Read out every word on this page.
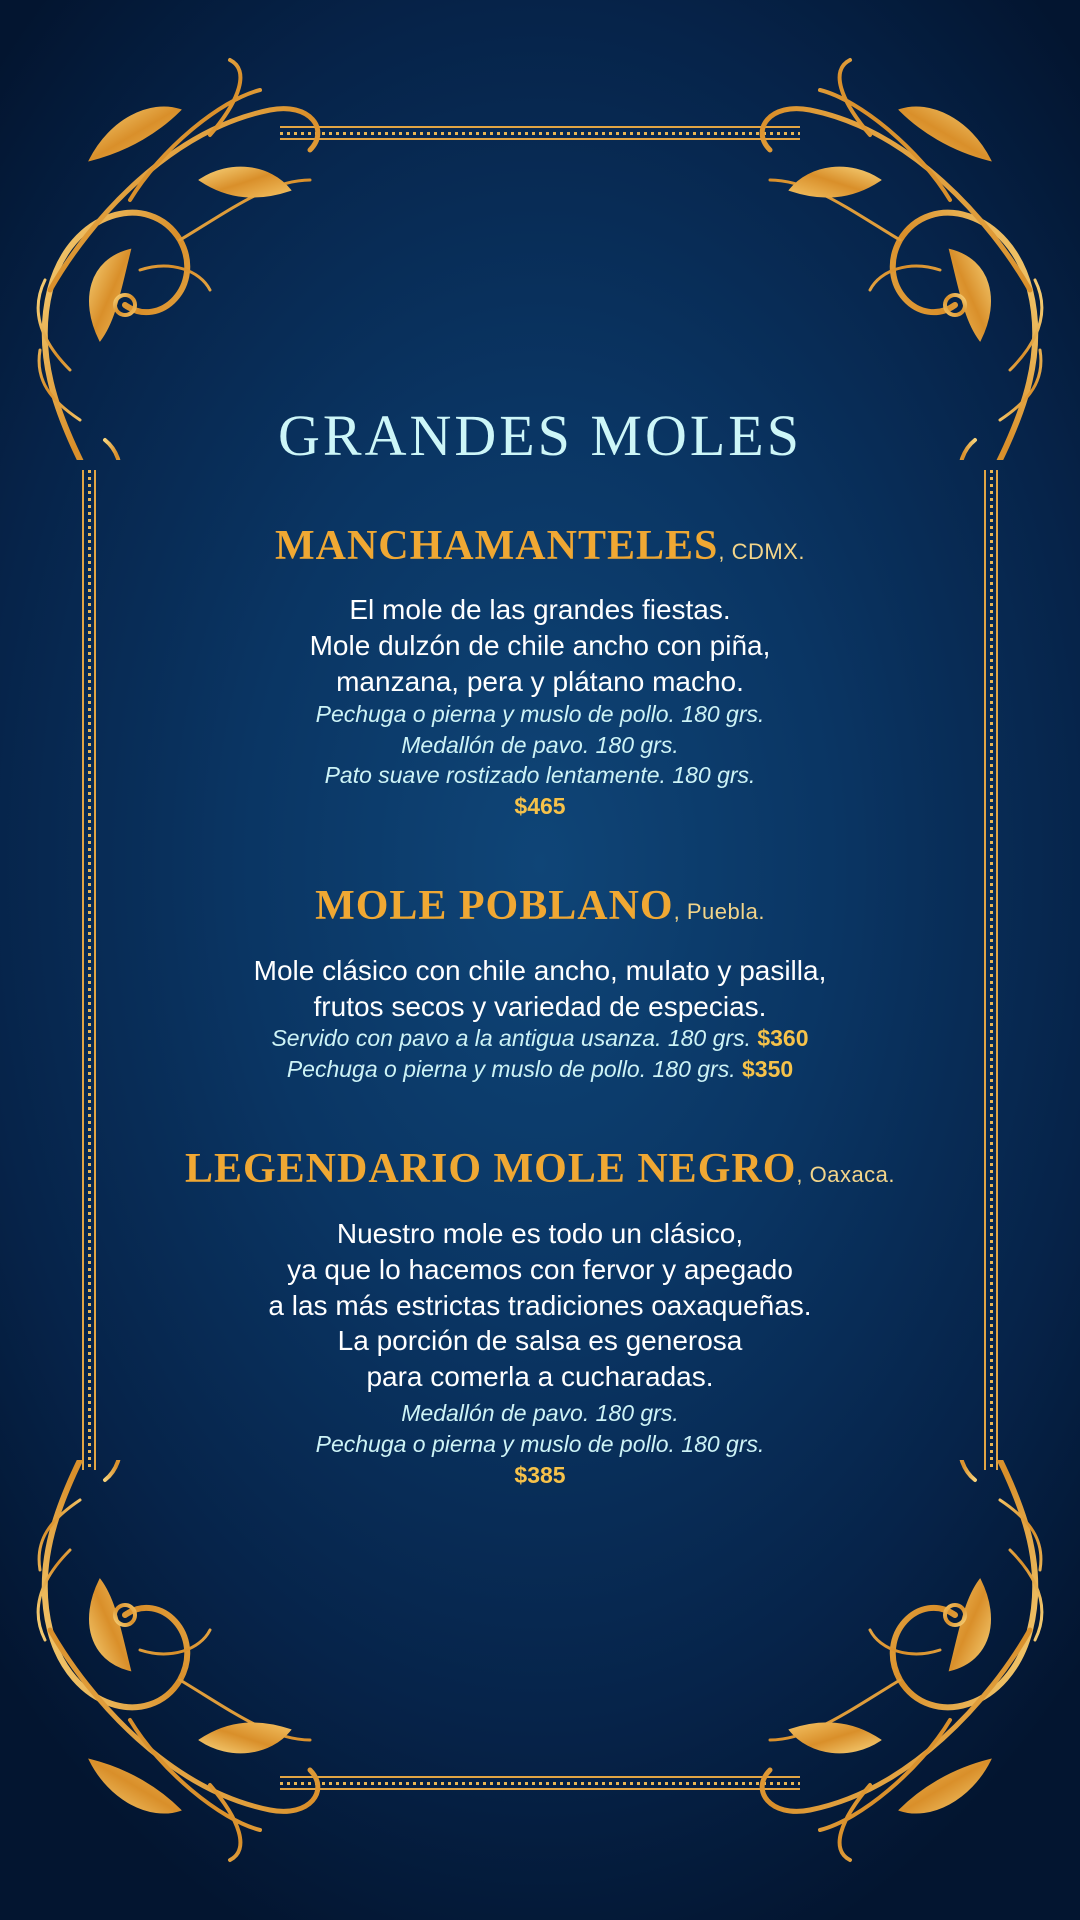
GRANDES MOLES
MANCHAMANTELES, CDMX.
El mole de las grandes fiestas.
Mole dulzón de chile ancho con piña,
manzana, pera y plátano macho.
Pechuga o pierna y muslo de pollo. 180 grs.
Medallón de pavo. 180 grs.
Pato suave rostizado lentamente. 180 grs.
$465
MOLE POBLANO, Puebla.
Mole clásico con chile ancho, mulato y pasilla,
frutos secos y variedad de especias.
Servido con pavo a la antigua usanza. 180 grs. $360
Pechuga o pierna y muslo de pollo. 180 grs. $350
LEGENDARIO MOLE NEGRO, Oaxaca.
Nuestro mole es todo un clásico,
ya que lo hacemos con fervor y apegado
a las más estrictas tradiciones oaxaqueñas.
La porción de salsa es generosa
para comerla a cucharadas.
Medallón de pavo. 180 grs.
Pechuga o pierna y muslo de pollo. 180 grs.
$385
